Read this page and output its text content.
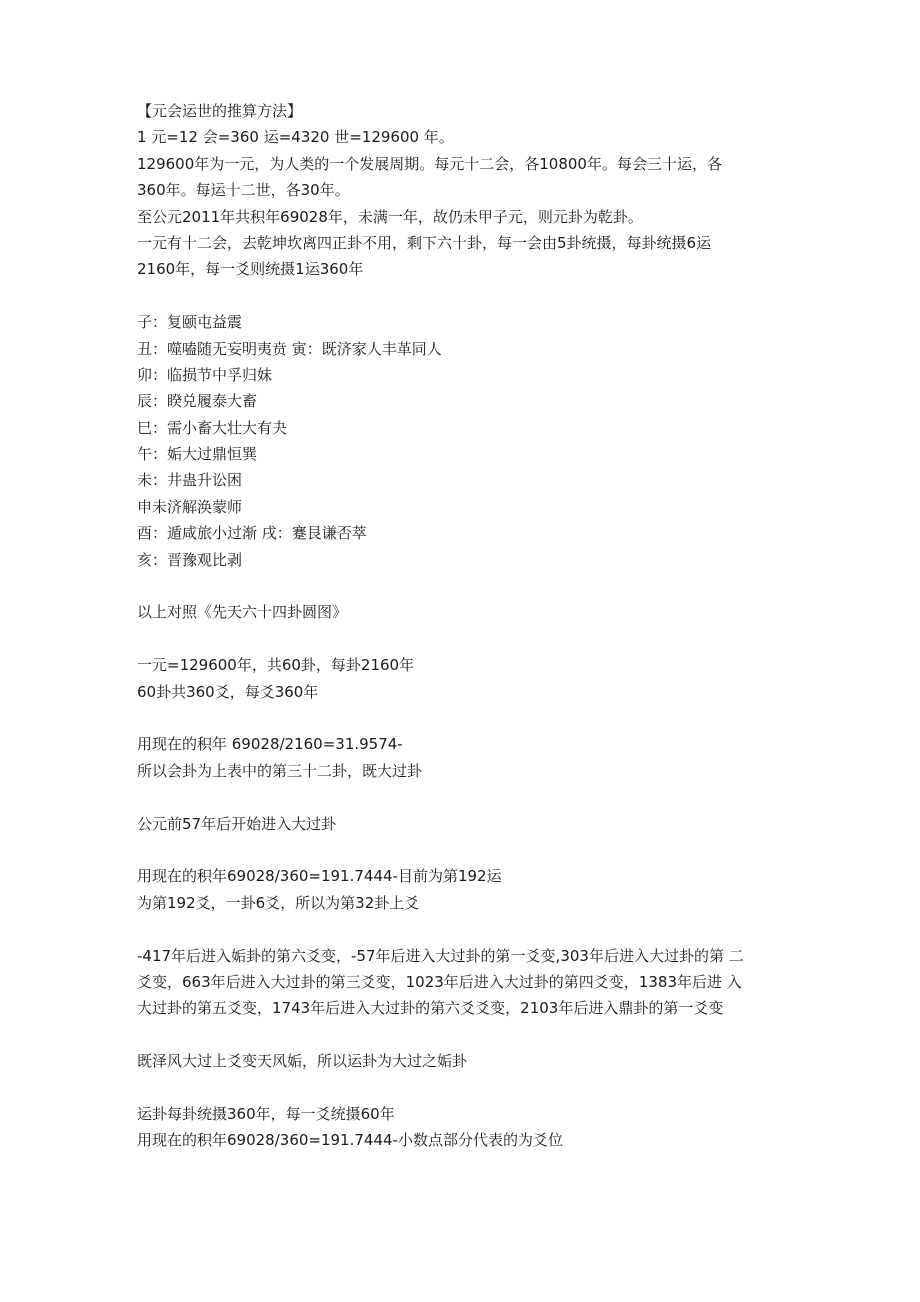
【元会运世的推算方法】
1 元=12 会=360 运=4320 世=129600 年。
129600年为一元，为人类的一个发展周期。每元十二会，各10800年。每会三十运，各
360年。每运十二世，各30年。
至公元2011年共积年69028年，未满一年，故仍未甲子元，则元卦为乾卦。
一元有十二会，去乾坤坎离四正卦不用，剩下六十卦，每一会由5卦统摄，每卦统摄6运
2160年，每一爻则统摄1运360年
子：复颐屯益震
丑：噬嗑随无妄明夷贲 寅：既济家人丰革同人
卯：临损节中孚归妹
辰：睽兑履泰大畜
巳：需小畜大壮大有夬
午：姤大过鼎恒巽
未：井蛊升讼困
申未济解涣蒙师
酉：遁咸旅小过渐 戌：蹇艮谦否萃
亥：晋豫观比剥
以上对照《先天六十四卦圆图》
一元=129600年，共60卦，每卦2160年
60卦共360爻，每爻360年
用现在的积年 69028/2160=31.9574-
所以会卦为上表中的第三十二卦，既大过卦
公元前57年后开始进入大过卦
用现在的积年69028/360=191.7444-目前为第192运
为第192爻，一卦6爻，所以为第32卦上爻
-417年后进入姤卦的第六爻变，-57年后进入大过卦的第一爻变,303年后进入大过卦的第 二
爻变，663年后进入大过卦的第三爻变，1023年后进入大过卦的第四爻变，1383年后进 入
大过卦的第五爻变，1743年后进入大过卦的第六爻爻变，2103年后进入鼎卦的第一爻变
既泽风大过上爻变天风姤，所以运卦为大过之姤卦
运卦每卦统摄360年，每一爻统摄60年
用现在的积年69028/360=191.7444-小数点部分代表的为爻位
